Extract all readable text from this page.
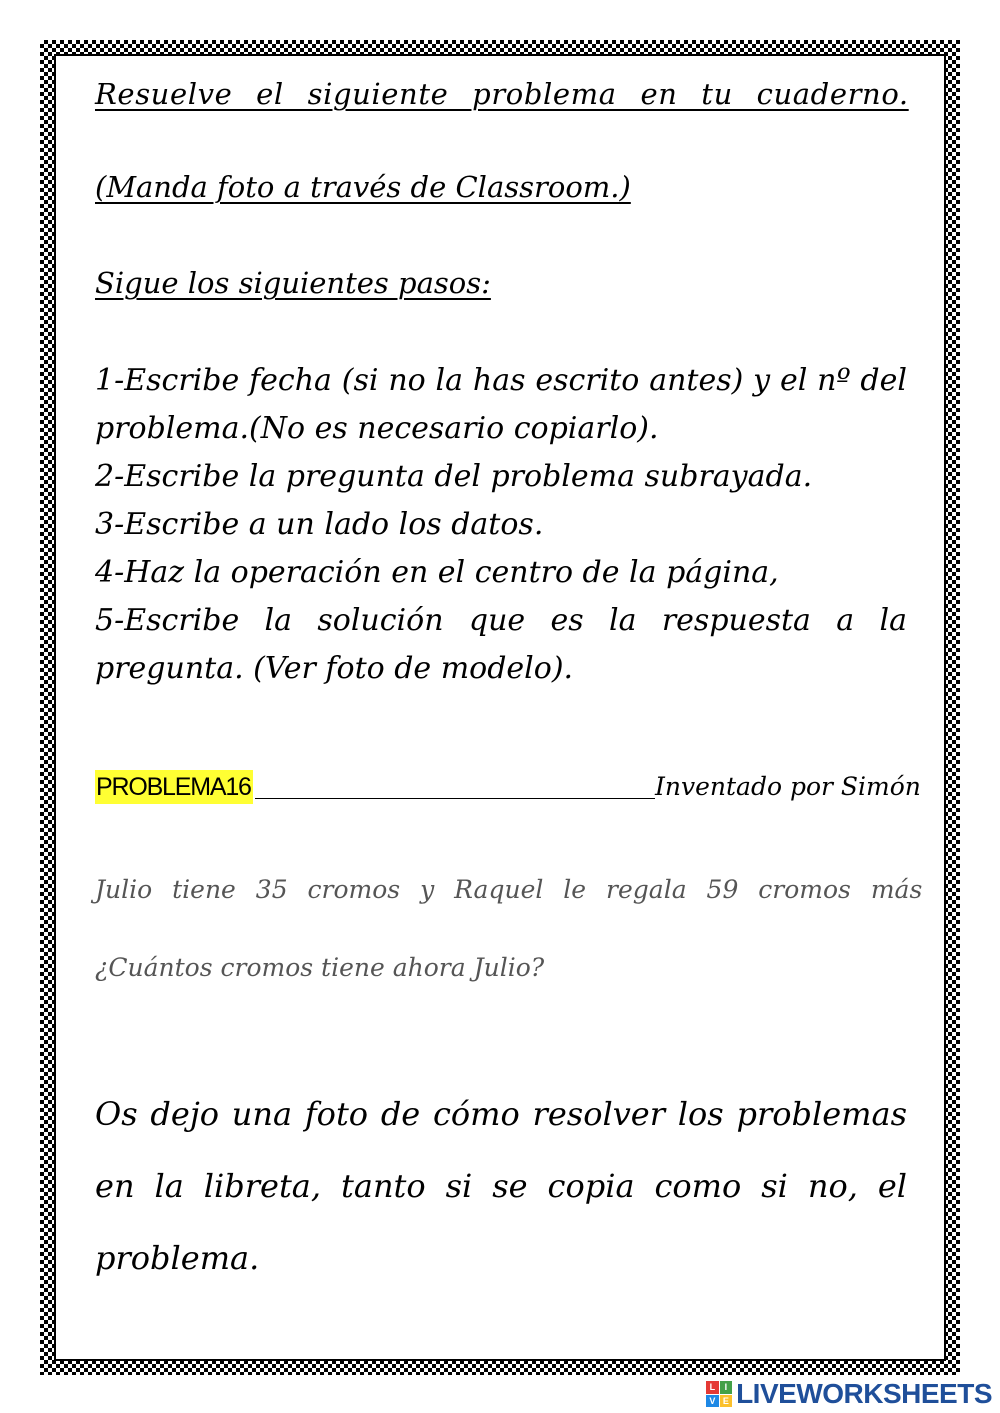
Resuelve el siguiente problema en tu cuaderno.

(Manda foto a través de Classroom.)

Sigue los siguientes pasos:

1-Escribe fecha (si no la has escrito antes) y el nº del problema.(No es necesario copiarlo).
2-Escribe la pregunta del problema subrayada.
3-Escribe a un lado los datos.
4-Haz la operación en el centro de la página,
5-Escribe la solución que es la respuesta a la pregunta. (Ver foto de modelo).
PROBLEMA16	Inventado por Simón

Julio tiene 35 cromos y Raquel le regala 59 cromos más

¿Cuántos cromos tiene ahora Julio?

Os dejo una foto de cómo resolver los problemas en la libreta, tanto si se copia como si no, el problema.

L	I
V E LIVEWORKSHEETS
